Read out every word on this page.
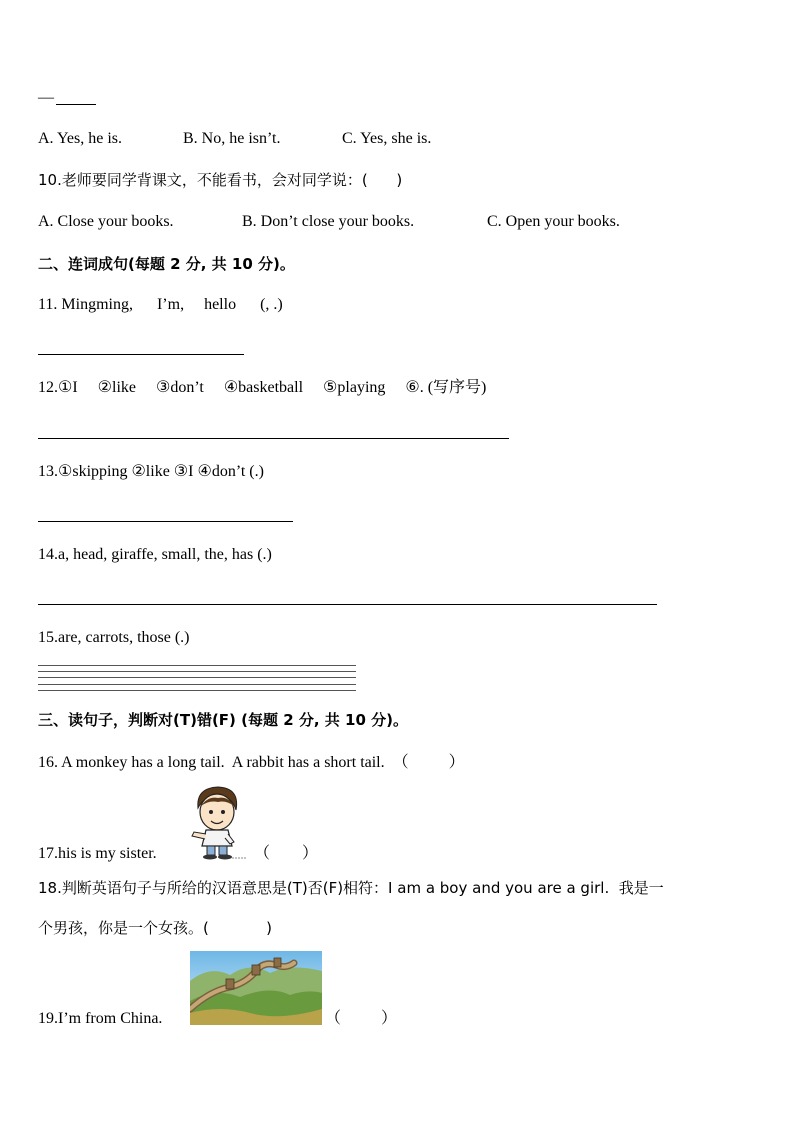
—
A. Yes, he is.	B. No, he isn’t.	C. Yes, she is.
10.老师要同学背课文，不能看书，会对同学说：(      )
A. Close your books.	B. Don’t close your books.	C. Open your books.
二、连词成句(每题 2 分, 共 10 分)。
11. Mingming,      I’m,     hello      (, .)
12.①I     ②like     ③don’t     ④basketball     ⑤playing     ⑥. (写序号)
13.①skipping ②like ③I ④don’t (.)
14.a, head, giraffe, small, the, has (.)
15.are, carrots, those (.)
三、读句子，判断对(T)错(F) (每题 2 分, 共 10 分)。
16. A monkey has a long tail.  A rabbit has a short tail.  （          ）
17.his is my sister.	（        ）
18.判断英语句子与所给的汉语意思是(T)否(F)相符：I am a boy and you are a girl.  我是一
个男孩，你是一个女孩。(            )
19.I’m from China.	（          ）
